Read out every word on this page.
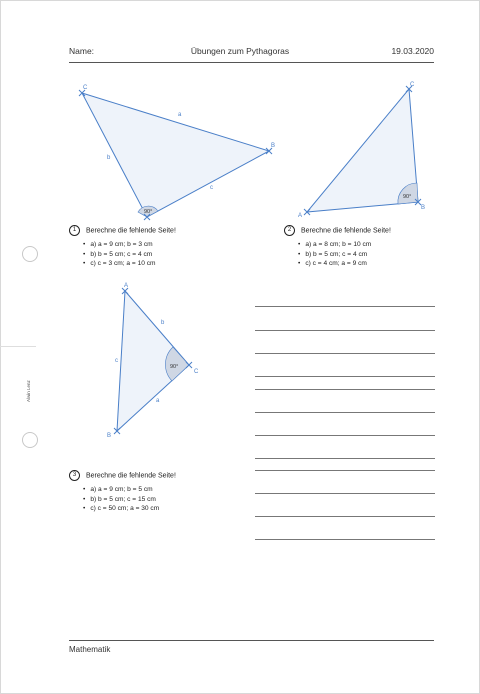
Übungen zum Pythagoras
Name:	19.03.2020
Alwin Lenz
90°
C
B
a
b
c
90°
C
A
B
90°
A
C
B
b
c
a
1 Berechne die fehlende Seite!
• a) a = 9 cm; b = 3 cm
• b) b = 5 cm; c = 4 cm
• c) c = 3 cm; a = 10 cm
2 Berechne die fehlende Seite!
• a) a = 8 cm; b = 10 cm
• b) b = 5 cm; c = 4 cm
• c) c = 4 cm; a = 9 cm
3 Berechne die fehlende Seite!
• a) a = 9 cm; b = 5 cm
• b) b = 5 cm; c = 15 cm
• c) c = 50 cm; a = 30 cm
Mathematik
